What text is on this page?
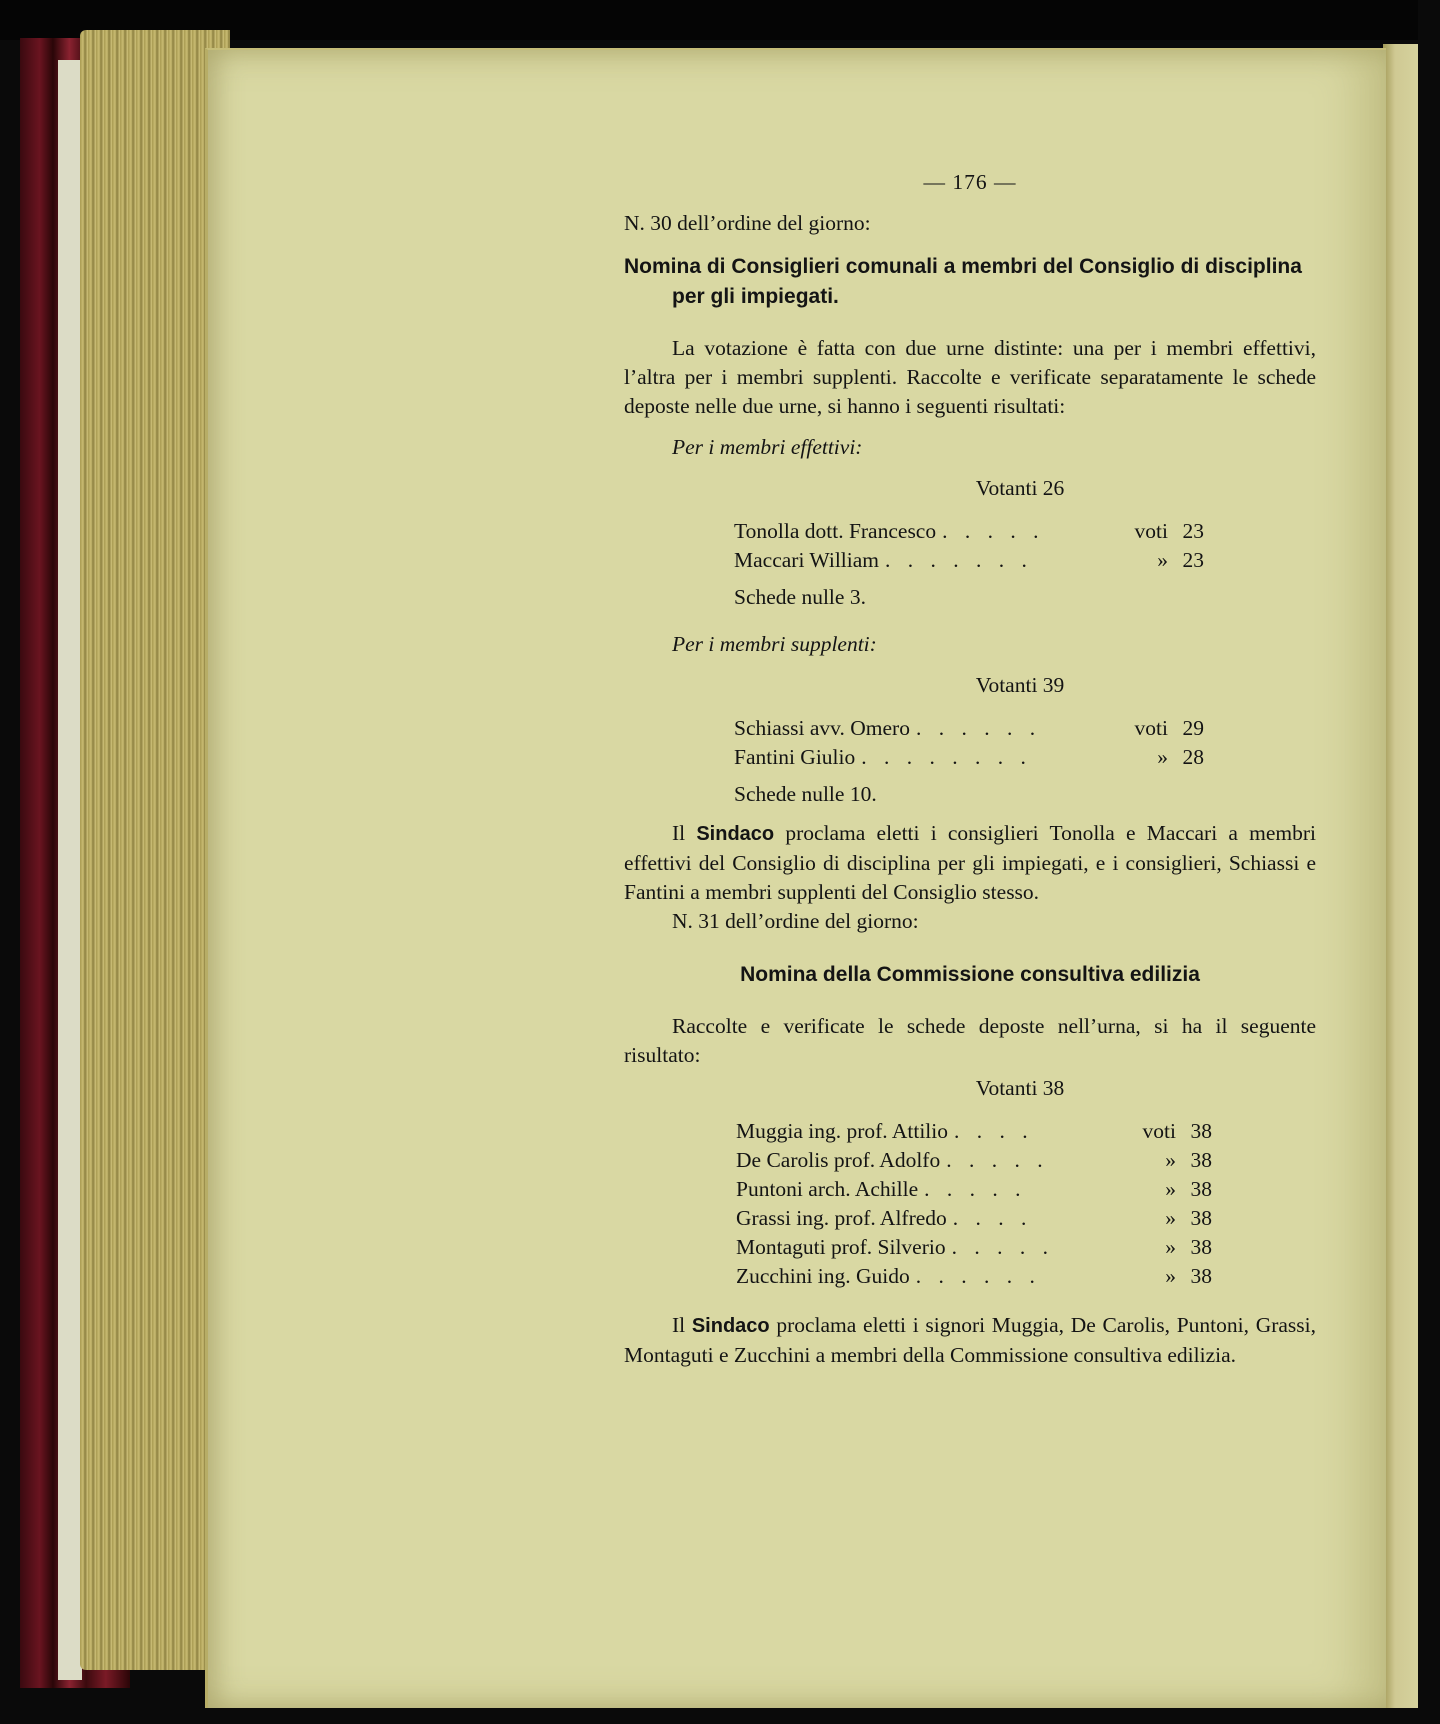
— 176 —

N. 30 dell’ordine del giorno:

Nomina di Consiglieri comunali a membri del Consiglio di disciplina per gli impiegati.

La votazione è fatta con due urne distinte: una per i membri effettivi, l’altra per i membri supplenti. Raccolte e verificate separatamente le schede deposte nelle due urne, si hanno i seguenti risultati:

Per i membri effettivi:

Votanti 26

Tonolla dott. Francesco . . . . .	voti 23
Maccari William . . . . . . .	» 23

Schede nulle 3.

Per i membri supplenti:

Votanti 39

Schiassi avv. Omero . . . . . .	voti 29
Fantini Giulio . . . . . . . .	» 28

Schede nulle 10.

Il Sindaco proclama eletti i consiglieri Tonolla e Maccari a membri effettivi del Consiglio di disciplina per gli impiegati, e i consiglieri, Schiassi e Fantini a membri supplenti del Consiglio stesso.

N. 31 dell’ordine del giorno:

Nomina della Commissione consultiva edilizia

Raccolte e verificate le schede deposte nell’urna, si ha il seguente risultato:

Votanti 38

Muggia ing. prof. Attilio . . . .	voti 38
De Carolis prof. Adolfo . . . . .	» 38
Puntoni arch. Achille . . . . .	» 38
Grassi ing. prof. Alfredo . . . .	» 38
Montaguti prof. Silverio . . . . .	» 38
Zucchini ing. Guido . . . . . .	» 38

Il Sindaco proclama eletti i signori Muggia, De Carolis, Puntoni, Grassi, Montaguti e Zucchini a membri della Commissione consultiva edilizia.
